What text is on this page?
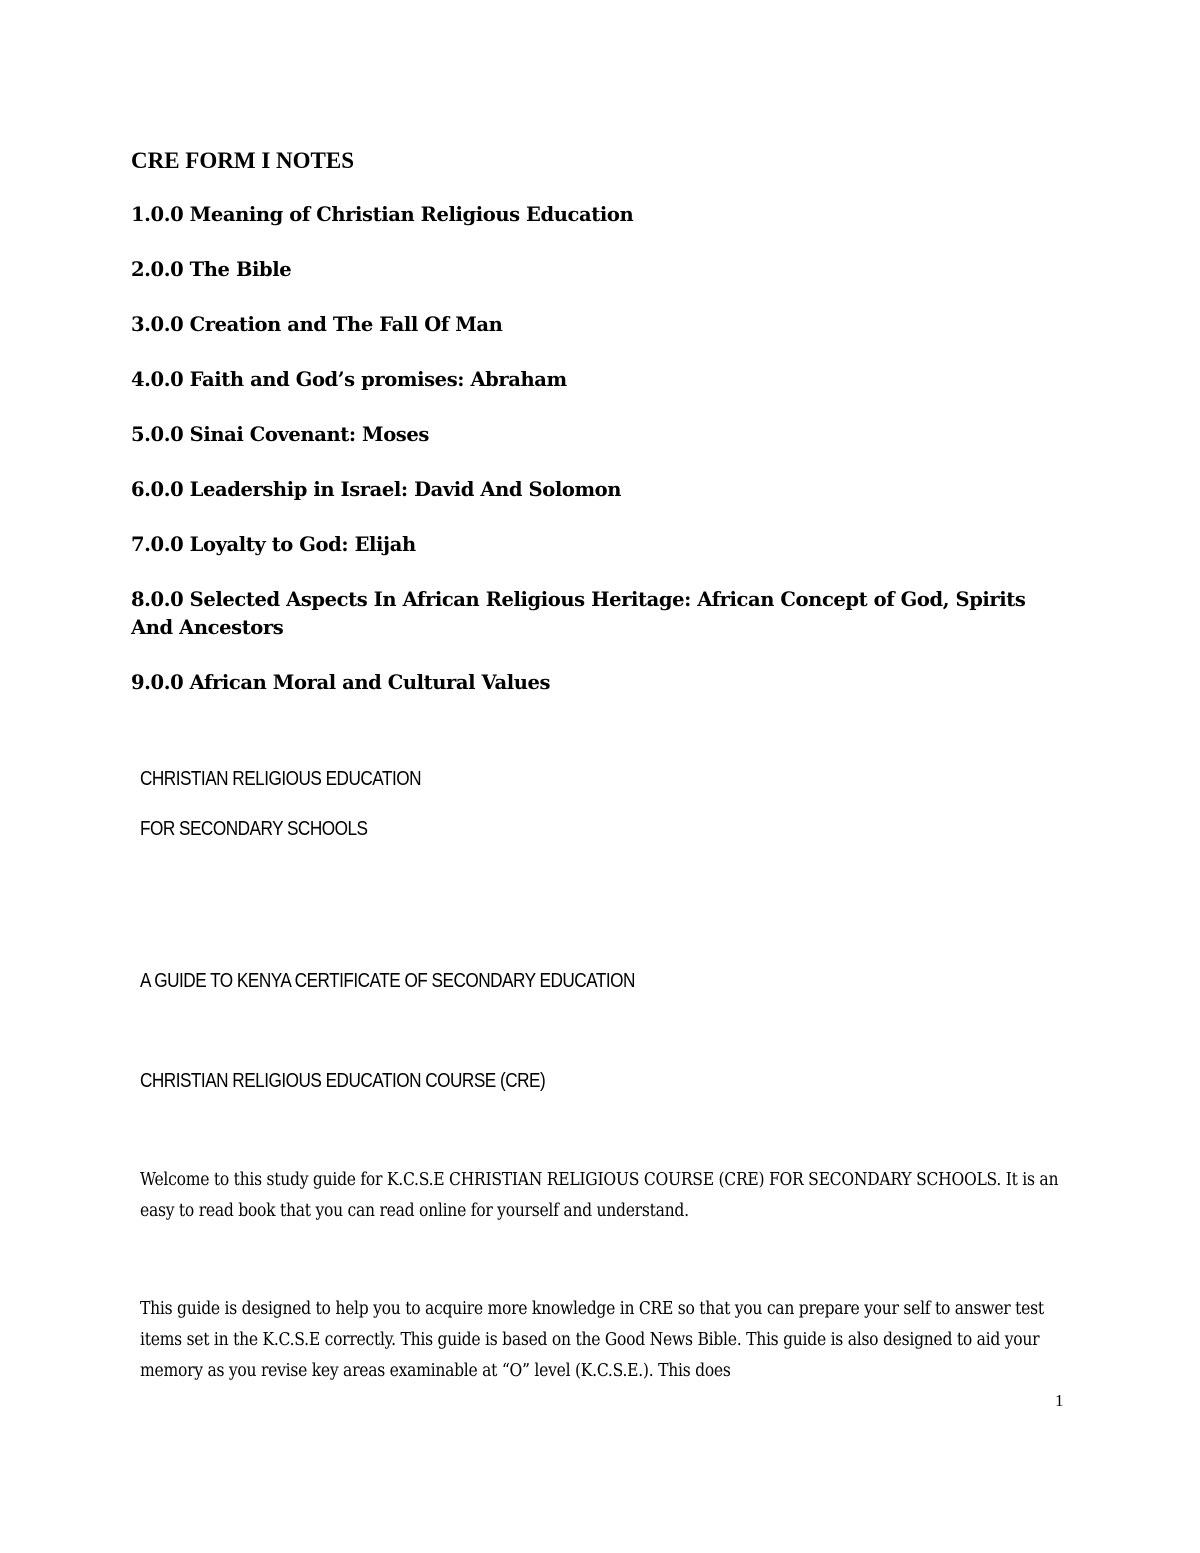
CRE FORM I NOTES
1.0.0 Meaning of Christian Religious Education
2.0.0 The Bible
3.0.0 Creation and The Fall Of Man
4.0.0 Faith and God’s promises: Abraham
5.0.0 Sinai Covenant: Moses
6.0.0 Leadership in Israel: David And Solomon
7.0.0 Loyalty to God: Elijah
8.0.0 Selected Aspects In African Religious Heritage: African Concept of God, Spirits And Ancestors
9.0.0 African Moral and Cultural Values
CHRISTIAN RELIGIOUS EDUCATION
FOR SECONDARY SCHOOLS
A GUIDE TO KENYA CERTIFICATE OF SECONDARY EDUCATION
CHRISTIAN RELIGIOUS EDUCATION COURSE (CRE)

Welcome to this study guide for K.C.S.E CHRISTIAN RELIGIOUS COURSE (CRE) FOR SECONDARY SCHOOLS. It is an easy to read book that you can read online for yourself and understand.

This guide is designed to help you to acquire more knowledge in CRE so that you can prepare your self to answer test items set in the K.C.S.E correctly. This guide is based on the Good News Bible. This guide is also designed to aid your memory as you revise key areas examinable at “O” level (K.C.S.E.). This does

1
